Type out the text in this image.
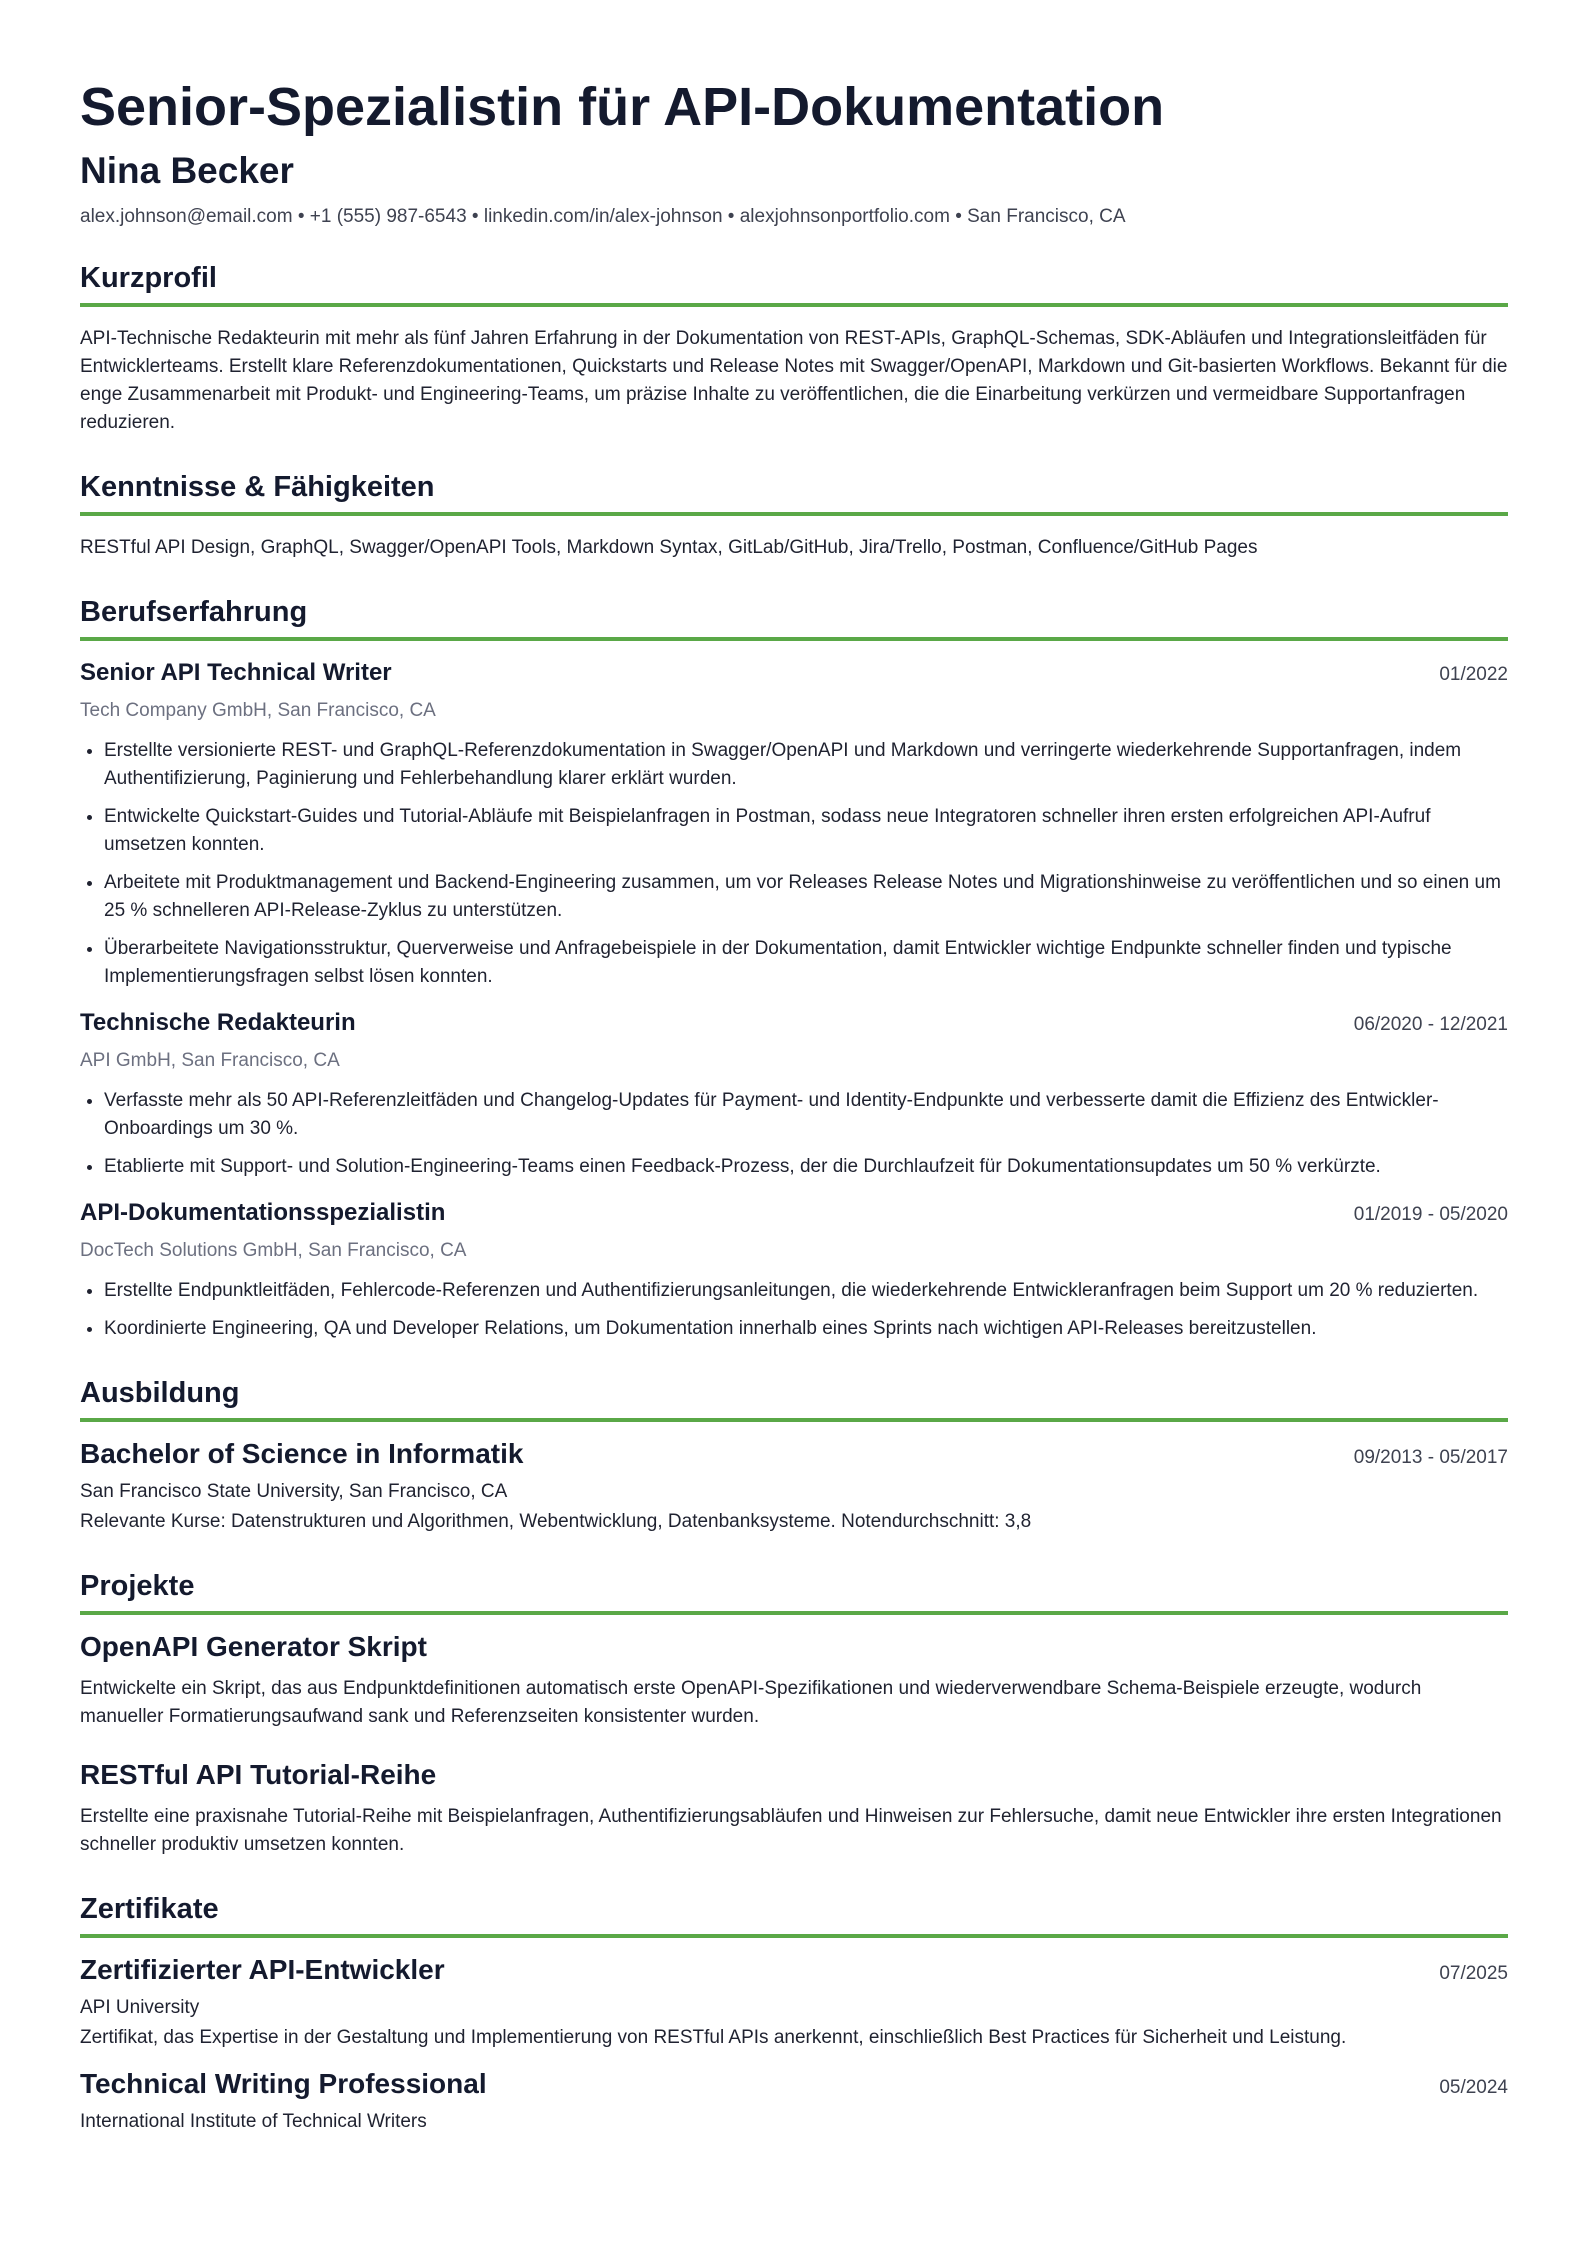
Senior-Spezialistin für API-Dokumentation
Nina Becker
alex.johnson@email.com • +1 (555) 987-6543 • linkedin.com/in/alex-johnson • alexjohnsonportfolio.com • San Francisco, CA
Kurzprofil
API-Technische Redakteurin mit mehr als fünf Jahren Erfahrung in der Dokumentation von REST-APIs, GraphQL-Schemas, SDK-Abläufen und Integrationsleitfäden für Entwicklerteams. Erstellt klare Referenzdokumentationen, Quickstarts und Release Notes mit Swagger/OpenAPI, Markdown und Git-basierten Workflows. Bekannt für die enge Zusammenarbeit mit Produkt- und Engineering-Teams, um präzise Inhalte zu veröffentlichen, die die Einarbeitung verkürzen und vermeidbare Supportanfragen reduzieren.
Kenntnisse & Fähigkeiten
RESTful API Design, GraphQL, Swagger/OpenAPI Tools, Markdown Syntax, GitLab/GitHub, Jira/Trello, Postman, Confluence/GitHub Pages
Berufserfahrung
Senior API Technical Writer	01/2022
Tech Company GmbH, San Francisco, CA
• Erstellte versionierte REST- und GraphQL-Referenzdokumentation in Swagger/OpenAPI und Markdown und verringerte wiederkehrende Supportanfragen, indem Authentifizierung, Paginierung und Fehlerbehandlung klarer erklärt wurden.
• Entwickelte Quickstart-Guides und Tutorial-Abläufe mit Beispielanfragen in Postman, sodass neue Integratoren schneller ihren ersten erfolgreichen API-Aufruf umsetzen konnten.
• Arbeitete mit Produktmanagement und Backend-Engineering zusammen, um vor Releases Release Notes und Migrationshinweise zu veröffentlichen und so einen um 25 % schnelleren API-Release-Zyklus zu unterstützen.
• Überarbeitete Navigationsstruktur, Querverweise und Anfragebeispiele in der Dokumentation, damit Entwickler wichtige Endpunkte schneller finden und typische Implementierungsfragen selbst lösen konnten.
Technische Redakteurin	06/2020 - 12/2021
API GmbH, San Francisco, CA
• Verfasste mehr als 50 API-Referenzleitfäden und Changelog-Updates für Payment- und Identity-Endpunkte und verbesserte damit die Effizienz des Entwickler-Onboardings um 30 %.
• Etablierte mit Support- und Solution-Engineering-Teams einen Feedback-Prozess, der die Durchlaufzeit für Dokumentationsupdates um 50 % verkürzte.
API-Dokumentationsspezialistin	01/2019 - 05/2020
DocTech Solutions GmbH, San Francisco, CA
• Erstellte Endpunktleitfäden, Fehlercode-Referenzen und Authentifizierungsanleitungen, die wiederkehrende Entwickleranfragen beim Support um 20 % reduzierten.
• Koordinierte Engineering, QA und Developer Relations, um Dokumentation innerhalb eines Sprints nach wichtigen API-Releases bereitzustellen.
Ausbildung
Bachelor of Science in Informatik	09/2013 - 05/2017
San Francisco State University, San Francisco, CA
Relevante Kurse: Datenstrukturen und Algorithmen, Webentwicklung, Datenbanksysteme. Notendurchschnitt: 3,8
Projekte
OpenAPI Generator Skript
Entwickelte ein Skript, das aus Endpunktdefinitionen automatisch erste OpenAPI-Spezifikationen und wiederverwendbare Schema-Beispiele erzeugte, wodurch manueller Formatierungsaufwand sank und Referenzseiten konsistenter wurden.
RESTful API Tutorial-Reihe
Erstellte eine praxisnahe Tutorial-Reihe mit Beispielanfragen, Authentifizierungsabläufen und Hinweisen zur Fehlersuche, damit neue Entwickler ihre ersten Integrationen schneller produktiv umsetzen konnten.
Zertifikate
Zertifizierter API-Entwickler	07/2025
API University
Zertifikat, das Expertise in der Gestaltung und Implementierung von RESTful APIs anerkennt, einschließlich Best Practices für Sicherheit und Leistung.
Technical Writing Professional	05/2024
International Institute of Technical Writers
